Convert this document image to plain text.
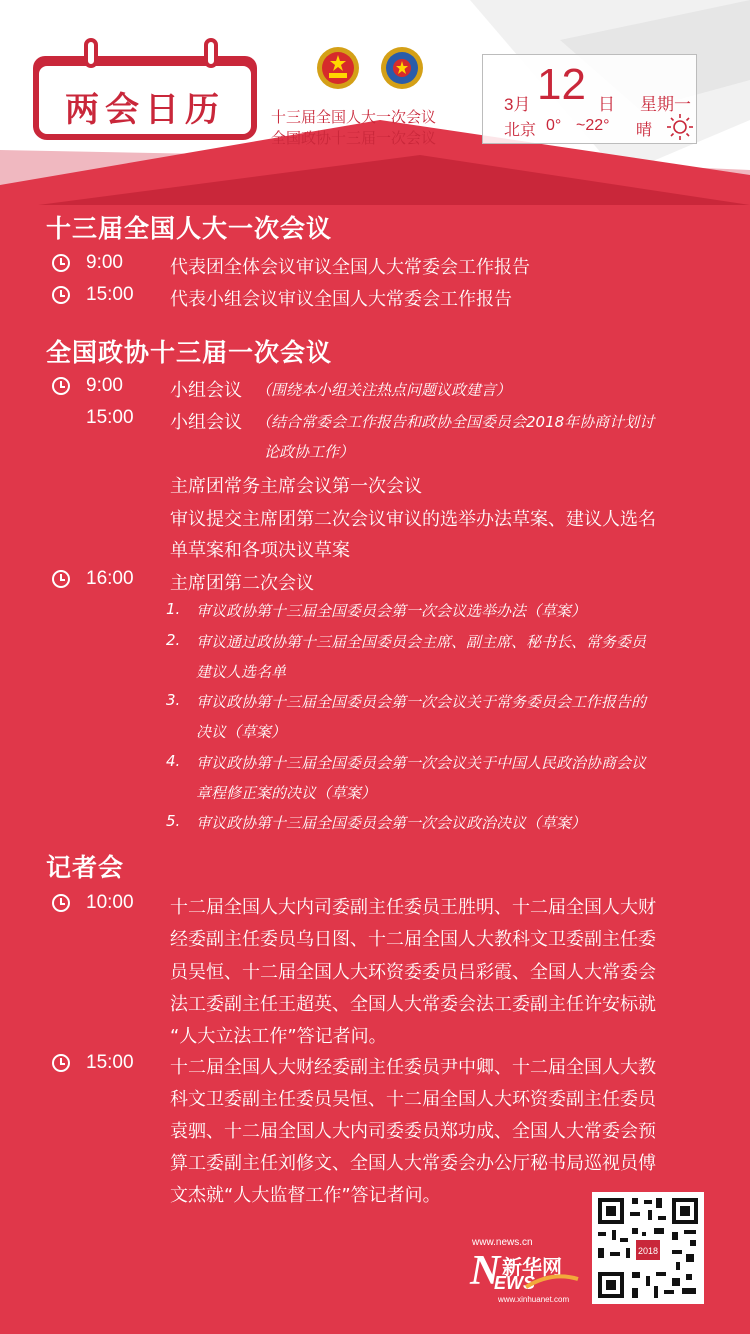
两会日历	十三届全国人大一次会议
全国政协十三届一次会议
3月 12 日 星期一
北京 0° ~22° 晴
十三届全国人大一次会议
9:00	代表团全体会议审议全国人大常委会工作报告
15:00 代表小组会议审议全国人大常委会工作报告
全国政协十三届一次会议
9:00	小组会议 （围绕本小组关注热点问题议政建言）
15:00 小组会议 （结合常委会工作报告和政协全国委员会2018年协商计划讨
论政协工作）
主席团常务主席会议第一次会议
审议提交主席团第二次会议审议的选举办法草案、建议人选名
单草案和各项决议草案
16:00 主席团第二次会议
1. 审议政协第十三届全国委员会第一次会议选举办法（草案）
2. 审议通过政协第十三届全国委员会主席、副主席、秘书长、常务委员
建议人选名单
3. 审议政协第十三届全国委员会第一次会议关于常务委员会工作报告的
决议（草案）
4. 审议政协第十三届全国委员会第一次会议关于中国人民政治协商会议
章程修正案的决议（草案）
5. 审议政协第十三届全国委员会第一次会议政治决议（草案）
记者会
10:00 十二届全国人大内司委副主任委员王胜明、十二届全国人大财
经委副主任委员乌日图、十二届全国人大教科文卫委副主任委
员吴恒、十二届全国人大环资委委员吕彩霞、全国人大常委会
法工委副主任王超英、全国人大常委会法工委副主任许安标就
“人大立法工作”答记者问。
15:00 十二届全国人大财经委副主任委员尹中卿、十二届全国人大教
科文卫委副主任委员吴恒、十二届全国人大环资委副主任委员
袁驷、十二届全国人大内司委委员郑功成、全国人大常委会预
算工委副主任刘修文、全国人大常委会办公厅秘书局巡视员傅
文杰就“人大监督工作”答记者问。
www.news.cn
N 新华网
EWS
www.xinhuanet.com
2018
